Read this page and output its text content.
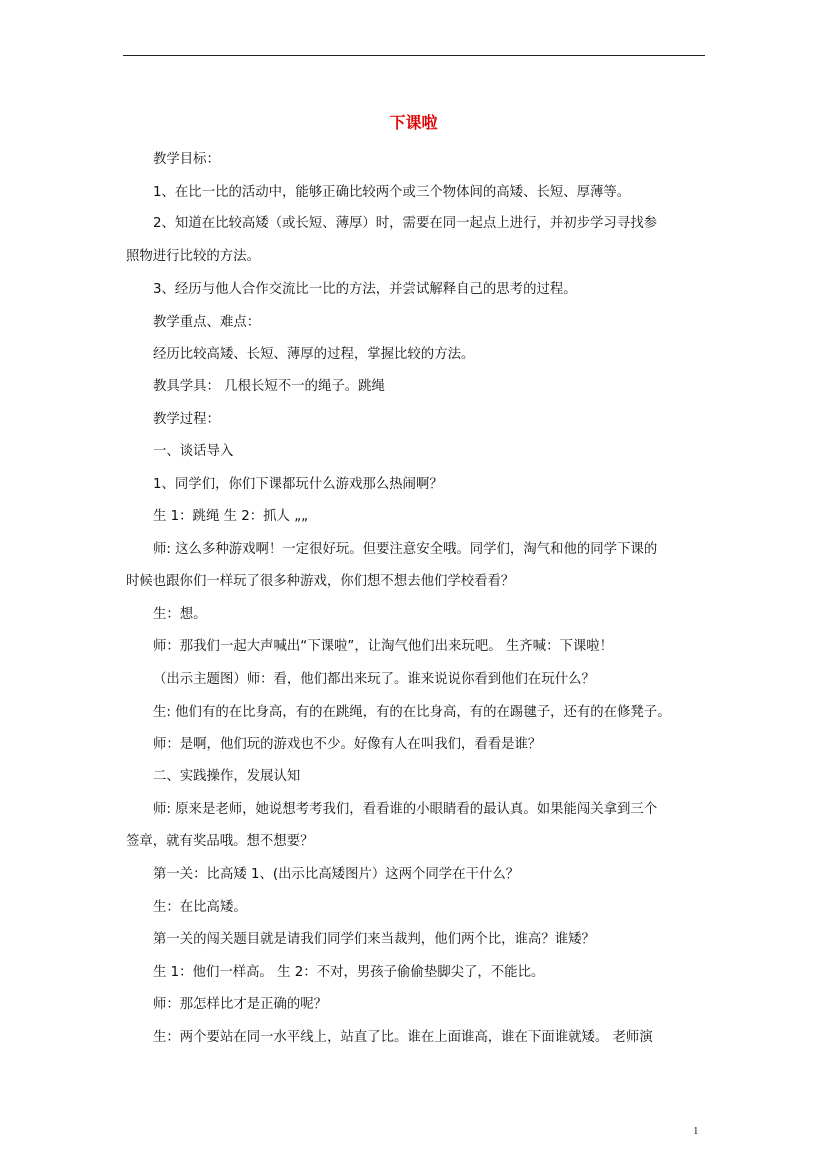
下课啦
教学目标：
1、在比一比的活动中，能够正确比较两个或三个物体间的高矮、长短、厚薄等。
2、知道在比较高矮（或长短、薄厚）时，需要在同一起点上进行，并初步学习寻找参
照物进行比较的方法。
3、经历与他人合作交流比一比的方法，并尝试解释自己的思考的过程。
教学重点、难点：
经历比较高矮、长短、薄厚的过程，掌握比较的方法。
教具学具： 几根长短不一的绳子。跳绳
教学过程：
一、谈话导入
1、同学们，你们下课都玩什么游戏那么热闹啊？
生 1：跳绳 生 2：抓人 „„
师: 这么多种游戏啊！一定很好玩。但要注意安全哦。同学们，淘气和他的同学下课的
时候也跟你们一样玩了很多种游戏，你们想不想去他们学校看看？
生：想。
师：那我们一起大声喊出“下课啦”，让淘气他们出来玩吧。 生齐喊：下课啦！
（出示主题图）师：看，他们都出来玩了。谁来说说你看到他们在玩什么？
生: 他们有的在比身高，有的在跳绳，有的在比身高，有的在踢毽子，还有的在修凳子。
师：是啊，他们玩的游戏也不少。好像有人在叫我们，看看是谁？
二、实践操作，发展认知
师: 原来是老师，她说想考考我们，看看谁的小眼睛看的最认真。如果能闯关拿到三个
签章，就有奖品哦。想不想要？
第一关：比高矮 1、(出示比高矮图片）这两个同学在干什么？
生：在比高矮。
第一关的闯关题目就是请我们同学们来当裁判，他们两个比，谁高？谁矮？
生 1：他们一样高。 生 2：不对，男孩子偷偷垫脚尖了，不能比。
师：那怎样比才是正确的呢？
生：两个要站在同一水平线上，站直了比。谁在上面谁高，谁在下面谁就矮。 老师演
1
